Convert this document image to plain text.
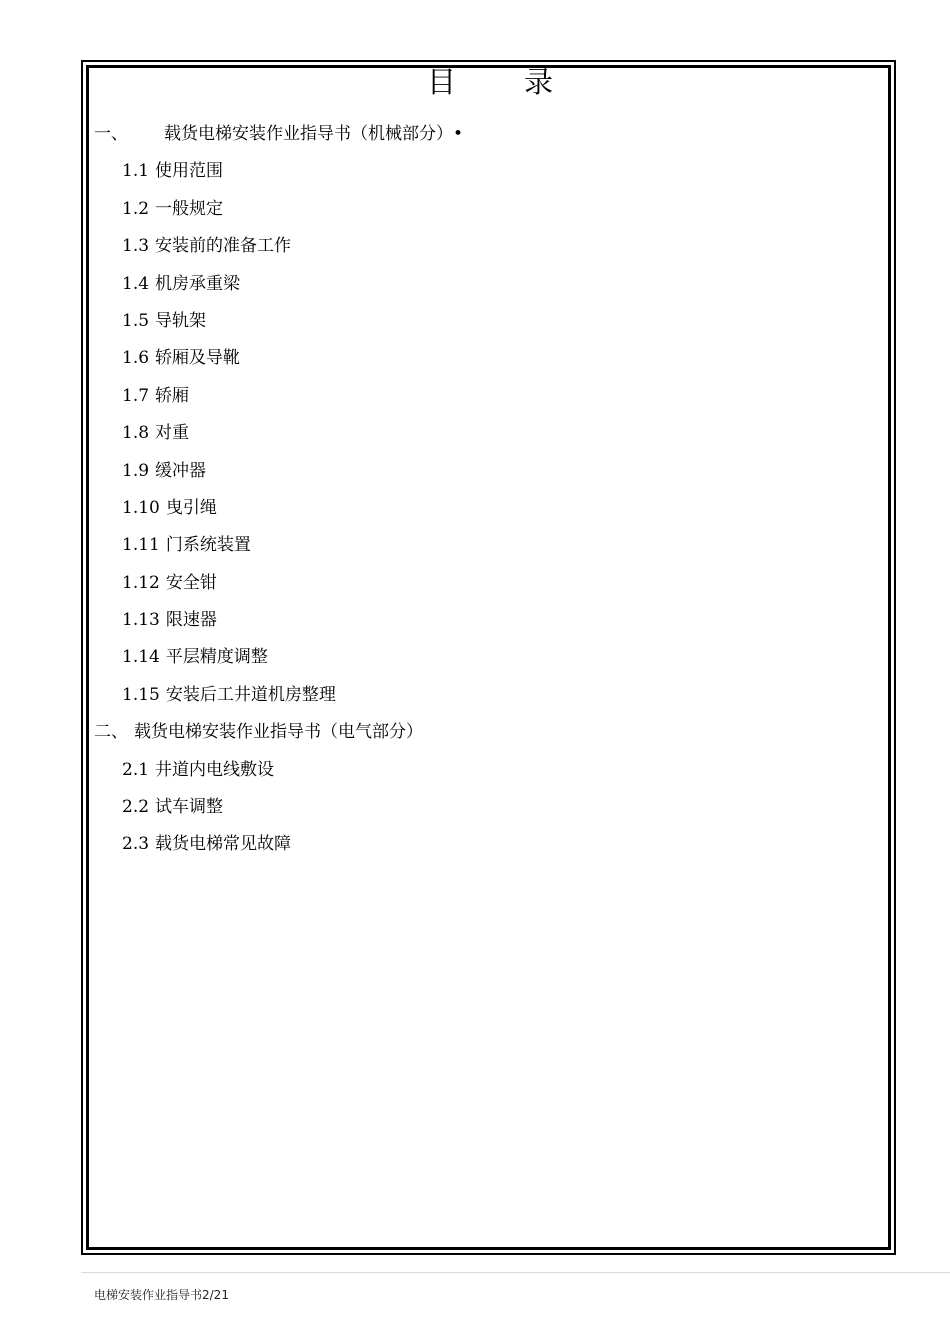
目 录
一、 载货电梯安装作业指导书（机械部分）•
1.1 使用范围
1.2 一般规定
1.3 安装前的准备工作
1.4 机房承重梁
1.5 导轨架
1.6 轿厢及导靴
1.7 轿厢
1.8 对重
1.9 缓冲器
1.10 曳引绳
1.11 门系统装置
1.12 安全钳
1.13 限速器
1.14 平层精度调整
1.15 安装后工井道机房整理
二、 载货电梯安装作业指导书（电气部分）
2.1 井道内电线敷设
2.2 试车调整
2.3 载货电梯常见故障
电梯安装作业指导书2/21
